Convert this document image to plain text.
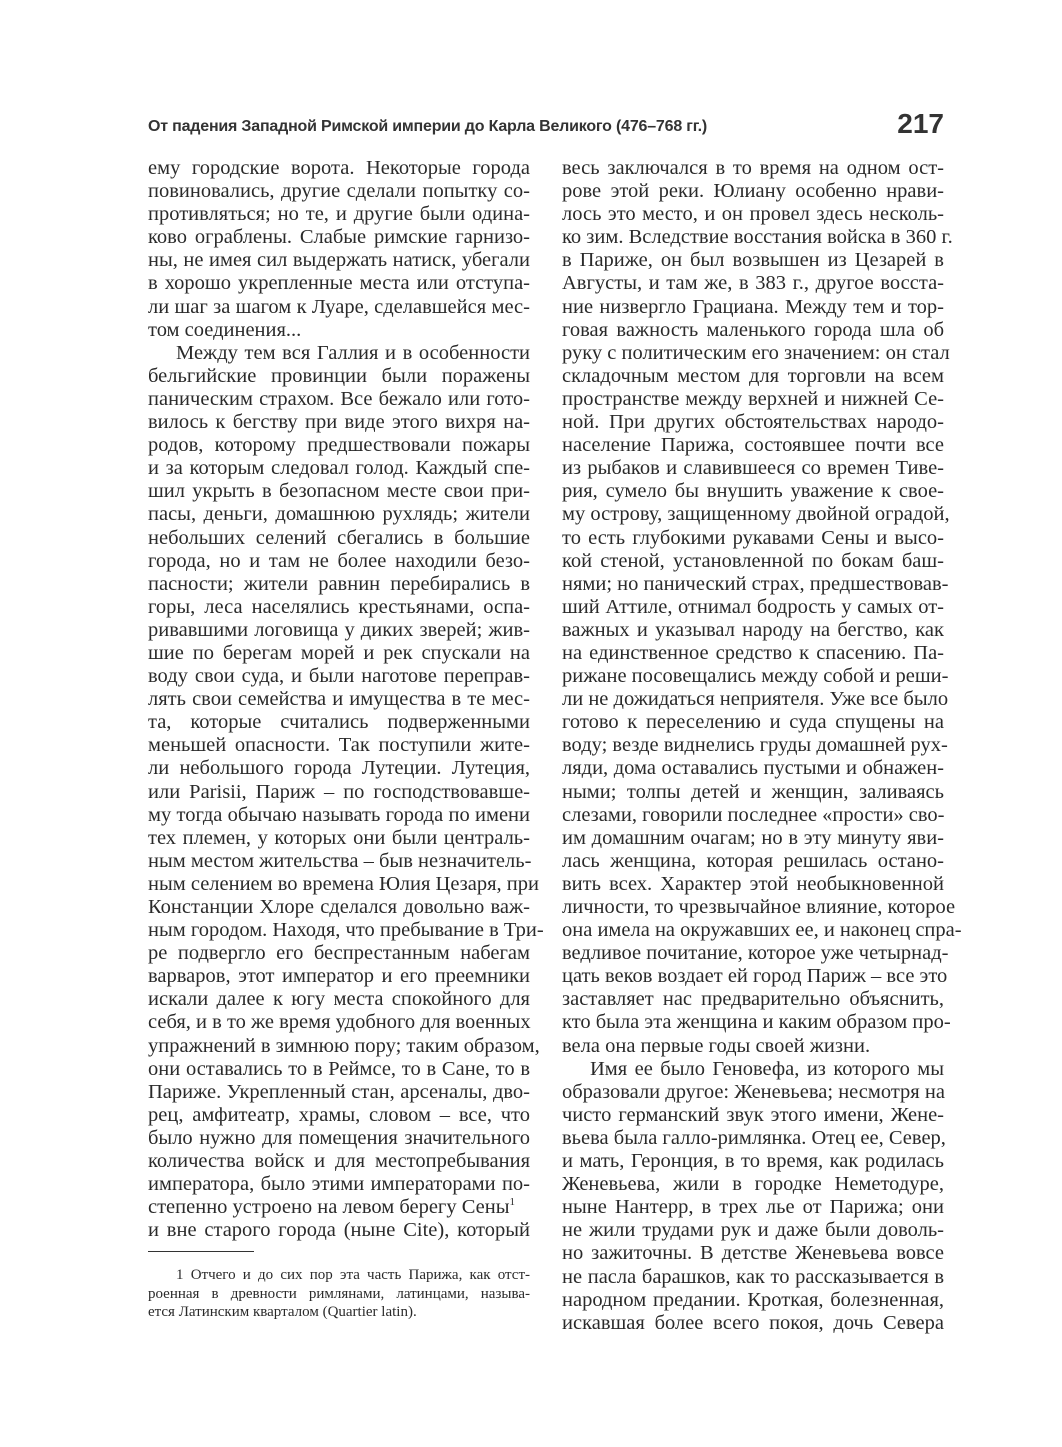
От падения Западной Римской империи до Карла Великого (476–768 гг.)	217
ему городские ворота. Некоторые города
повиновались, другие сделали попытку со-
противляться; но те, и другие были одина-
ково ограблены. Слабые римские гарнизо-
ны, не имея сил выдержать натиск, убегали
в хорошо укрепленные места или отступа-
ли шаг за шагом к Луаре, сделавшейся мес-
том соединения...
Между тем вся Галлия и в особенности
бельгийские провинции были поражены
паническим страхом. Все бежало или гото-
вилось к бегству при виде этого вихря на-
родов, которому предшествовали пожары
и за которым следовал голод. Каждый спе-
шил укрыть в безопасном месте свои при-
пасы, деньги, домашнюю рухлядь; жители
небольших селений сбегались в большие
города, но и там не более находили безо-
пасности; жители равнин перебирались в
горы, леса населялись крестьянами, оспа-
ривавшими логовища у диких зверей; жив-
шие по берегам морей и рек спускали на
воду свои суда, и были наготове переправ-
лять свои семейства и имущества в те мес-
та, которые считались подверженными
меньшей опасности. Так поступили жите-
ли небольшого города Лутеции. Лутеция,
или Parisii, Париж – по господствовавше-
му тогда обычаю называть города по имени
тех племен, у которых они были централь-
ным местом жительства – быв незначитель-
ным селением во времена Юлия Цезаря, при
Констанции Хлоре сделался довольно важ-
ным городом. Находя, что пребывание в Три-
ре подвергло его беспрестанным набегам
варваров, этот император и его преемники
искали далее к югу места спокойного для
себя, и в то же время удобного для военных
упражнений в зимнюю пору; таким образом,
они оставались то в Реймсе, то в Сане, то в
Париже. Укрепленный стан, арсеналы, дво-
рец, амфитеатр, храмы, словом – все, что
было нужно для помещения значительного
количества войск и для местопребывания
императора, было этими императорами по-
степенно устроено на левом берегу Сены$^1$
и вне старого города (ныне Cite), который
весь заключался в то время на одном ост-
рове этой реки. Юлиану особенно нрави-
лось это место, и он провел здесь несколь-
ко зим. Вследствие восстания войска в 360 г.
в Париже, он был возвышен из Цезарей в
Августы, и там же, в 383 г., другое восста-
ние низвергло Грациана. Между тем и тор-
говая важность маленького города шла об
руку с политическим его значением: он стал
складочным местом для торговли на всем
пространстве между верхней и нижней Се-
ной. При других обстоятельствах народо-
население Парижа, состоявшее почти все
из рыбаков и славившееся со времен Тиве-
рия, сумело бы внушить уважение к свое-
му острову, защищенному двойной оградой,
то есть глубокими рукавами Сены и высо-
кой стеной, установленной по бокам баш-
нями; но панический страх, предшествовав-
ший Аттиле, отнимал бодрость у самых от-
важных и указывал народу на бегство, как
на единственное средство к спасению. Па-
рижане посовещались между собой и реши-
ли не дожидаться неприятеля. Уже все было
готово к переселению и суда спущены на
воду; везде виднелись груды домашней рух-
ляди, дома оставались пустыми и обнажен-
ными; толпы детей и женщин, заливаясь
слезами, говорили последнее «прости» сво-
им домашним очагам; но в эту минуту яви-
лась женщина, которая решилась остано-
вить всех. Характер этой необыкновенной
личности, то чрезвычайное влияние, которое
она имела на окружавших ее, и наконец спра-
ведливое почитание, которое уже четырнад-
цать веков воздает ей город Париж – все это
заставляет нас предварительно объяснить,
кто была эта женщина и каким образом про-
вела она первые годы своей жизни.
Имя ее было Геновефа, из которого мы
образовали другое: Женевьева; несмотря на
чисто германский звук этого имени, Жене-
вьева была галло-римлянка. Отец ее, Север,
и мать, Геронция, в то время, как родилась
Женевьева, жили в городке Неметодуре,
ныне Нантерр, в трех лье от Парижа; они
не жили трудами рук и даже были доволь-
но зажиточны. В детстве Женевьева вовсе
не пасла барашков, как то рассказывается в
народном предании. Кроткая, болезненная,
искавшая более всего покоя, дочь Севера
1 Отчего и до сих пор эта часть Парижа, как отст-
роенная в древности римлянами, латинцами, называ-
ется Латинским кварталом (Quartier latin).
